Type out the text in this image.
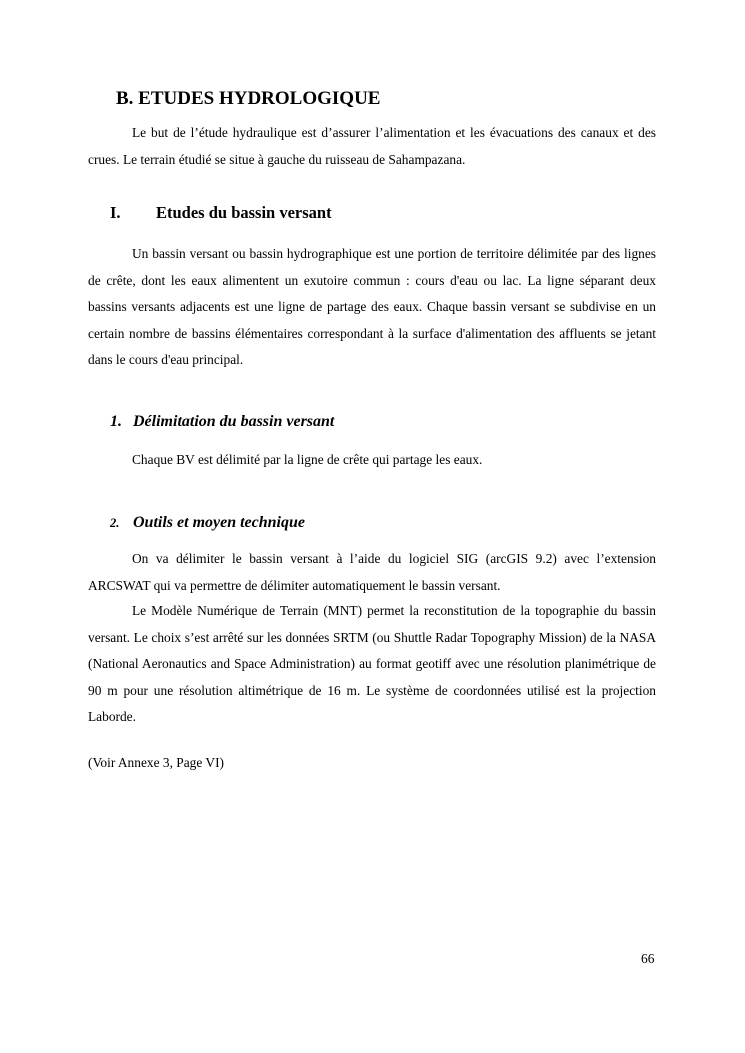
B. ETUDES HYDROLOGIQUE

Le but de l’étude hydraulique est d’assurer l’alimentation et les évacuations des canaux et des crues. Le terrain étudié se situe à gauche du ruisseau de Sahampazana.

I. Etudes du bassin versant

Un bassin versant ou bassin hydrographique est une portion de territoire délimitée par des lignes de crête, dont les eaux alimentent un exutoire commun : cours d'eau ou lac. La ligne séparant deux bassins versants adjacents est une ligne de partage des eaux. Chaque bassin versant se subdivise en un certain nombre de bassins élémentaires correspondant à la surface d'alimentation des affluents se jetant dans le cours d'eau principal.

1. Délimitation du bassin versant

Chaque BV est délimité par la ligne de crête qui partage les eaux.

2. Outils et moyen technique

On va délimiter le bassin versant à l’aide du logiciel SIG (arcGIS 9.2) avec l’extension ARCSWAT qui va permettre de délimiter automatiquement le bassin versant.

Le Modèle Numérique de Terrain (MNT) permet la reconstitution de la topographie du bassin versant. Le choix s’est arrêté sur les données SRTM (ou Shuttle Radar Topography Mission) de la NASA (National Aeronautics and Space Administration) au format geotiff avec une résolution planimétrique de 90 m pour une résolution altimétrique de 16 m. Le système de coordonnées utilisé est la projection Laborde.

(Voir Annexe 3, Page VI)

66
